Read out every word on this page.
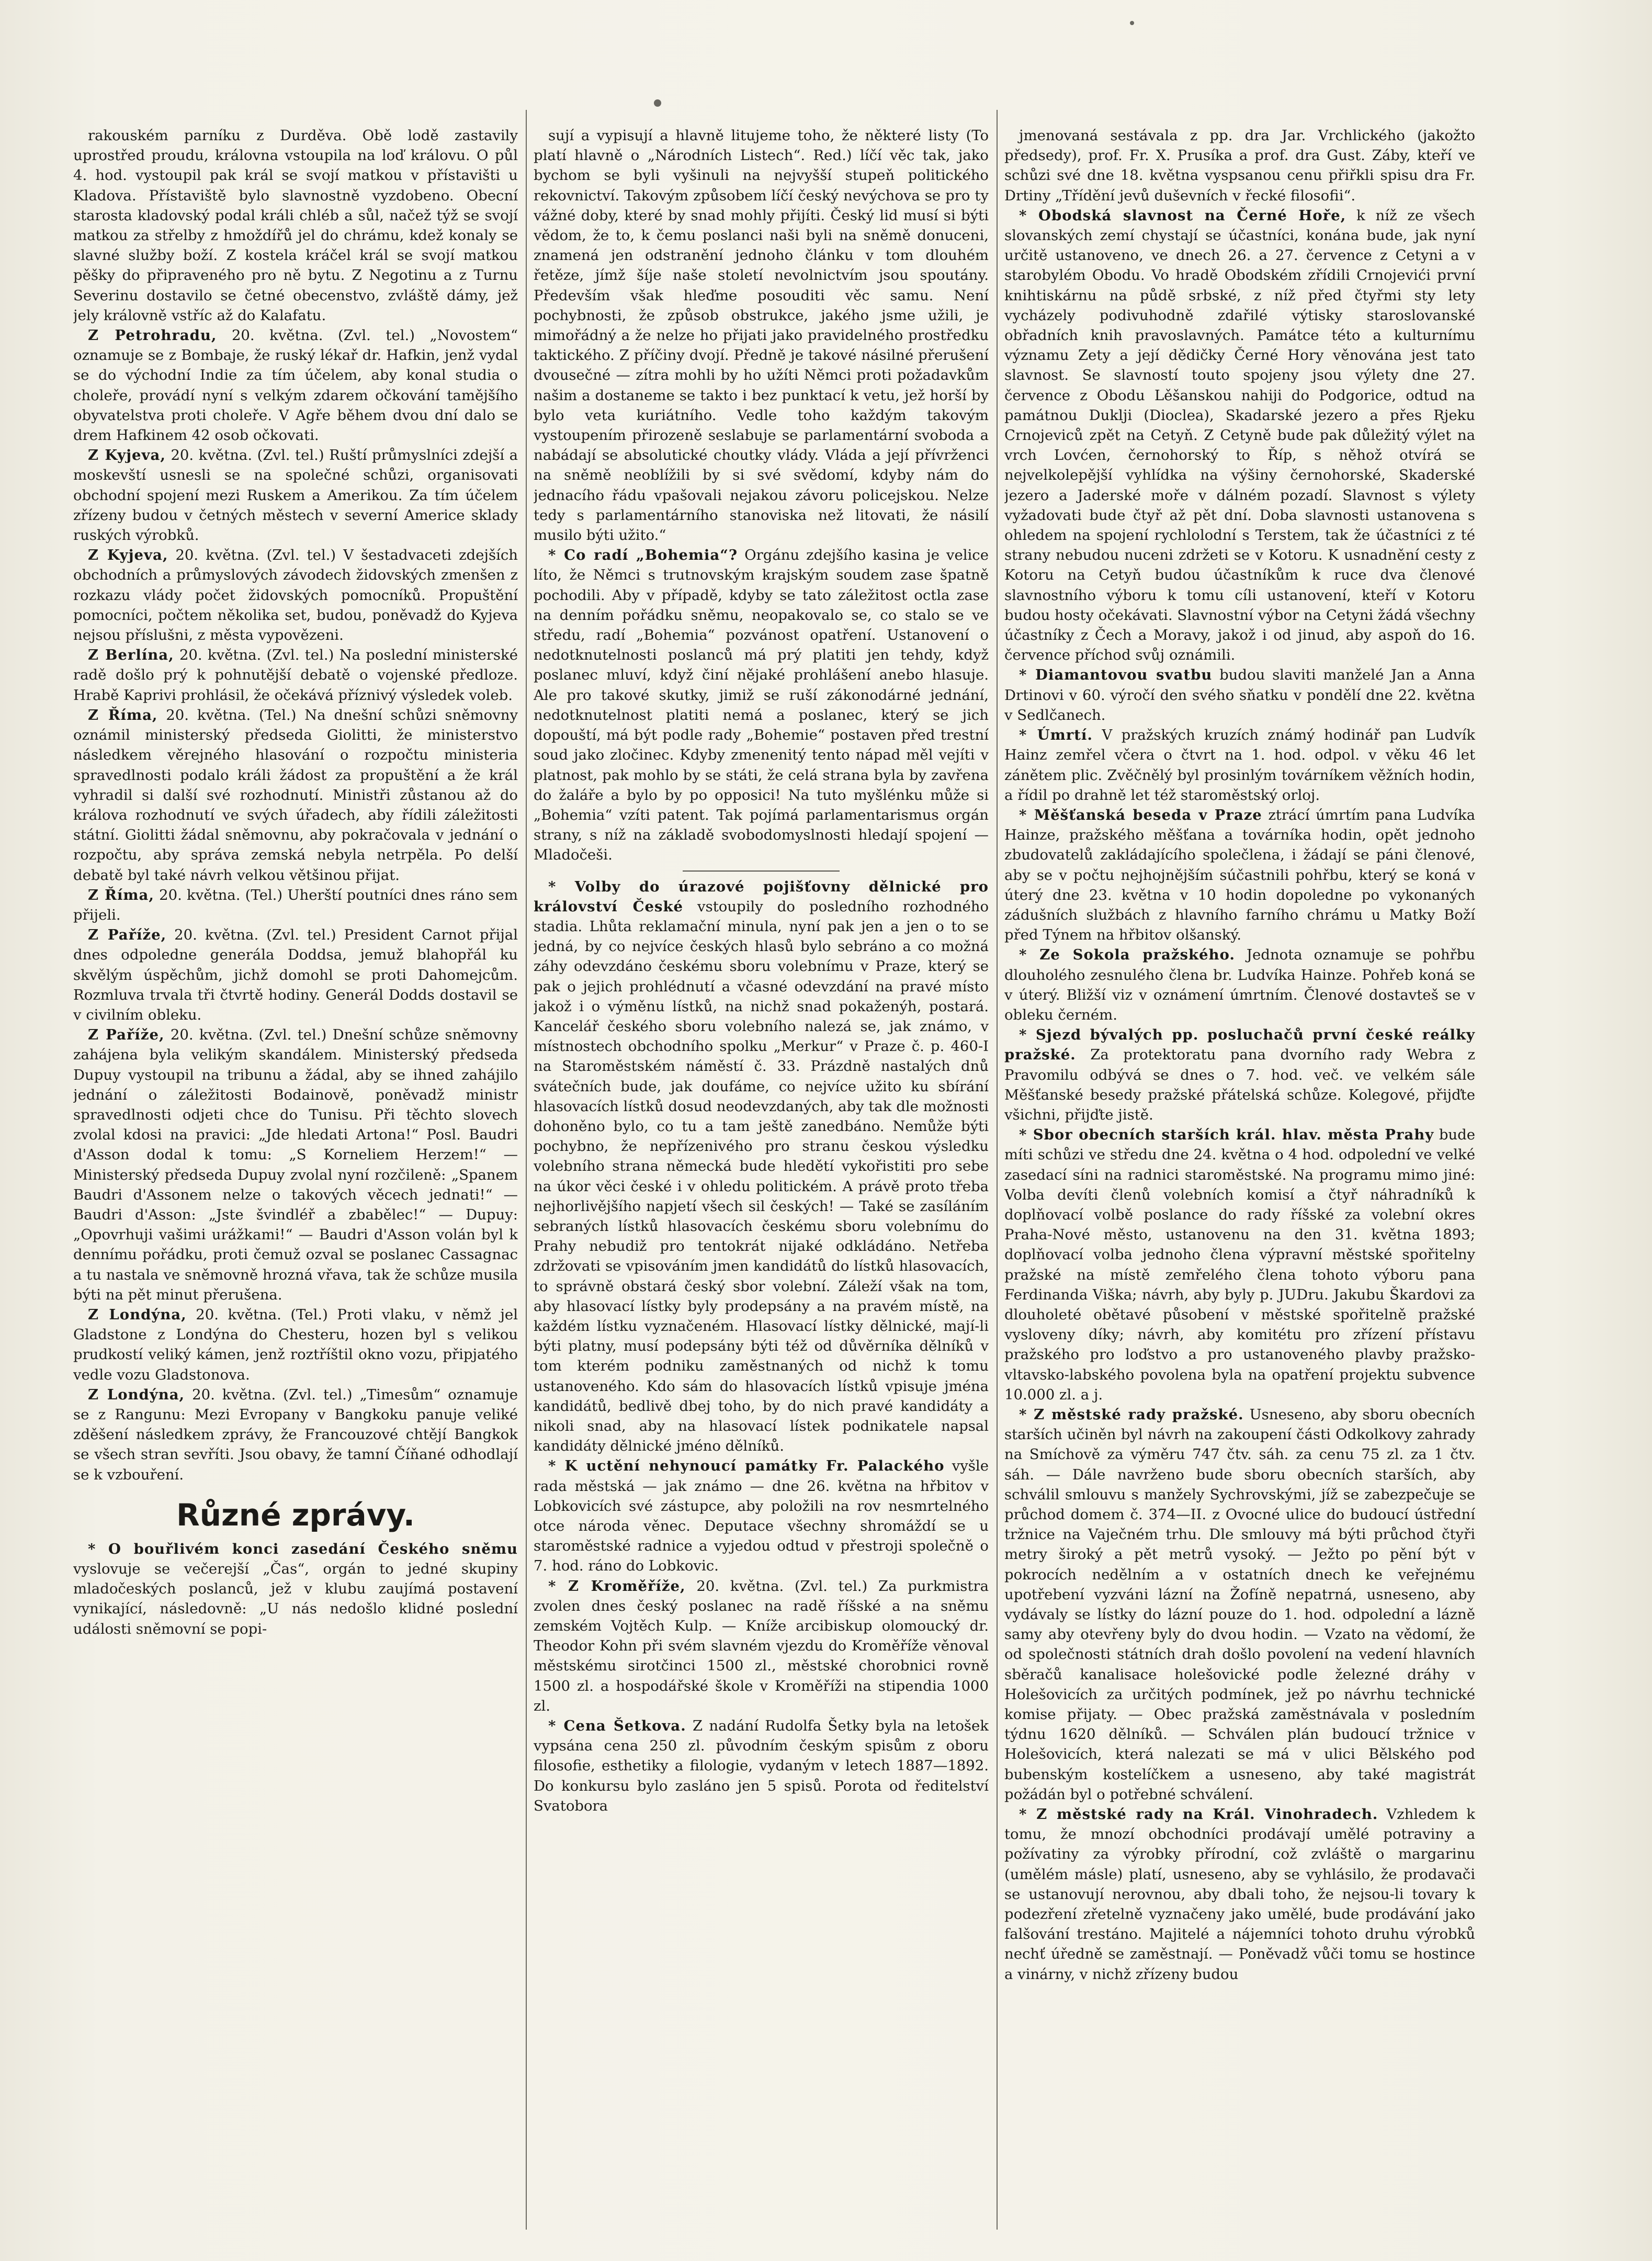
rakouském parníku z Durděva. Obě lodě zastavily uprostřed proudu, královna vstoupila na loď královu. O půl 4. hod. vystoupil pak král se svojí matkou v přístavišti u Kladova. Přístaviště bylo slavnostně vyzdobeno. Obecní starosta kladovský podal králi chléb a sůl, načež týž se svojí matkou za střelby z hmoždířů jel do chrámu, kdež konaly se slavné služby boží. Z kostela kráčel král se svojí matkou pěšky do připraveného pro ně bytu. Z Negotinu a z Turnu Severinu dostavilo se četné obecenstvo, zvláště dámy, jež jely královně vstříc až do Kalafatu.

Z Petrohradu, 20. května. (Zvl. tel.) „Novostem“ oznamuje se z Bombaje, že ruský lékař dr. Hafkin, jenž vydal se do východní Indie za tím účelem, aby konal studia o choleře, provádí nyní s velkým zdarem očkování tamějšího obyvatelstva proti choleře. V Agře během dvou dní dalo se drem Hafkinem 42 osob očkovati.

Z Kyjeva, 20. května. (Zvl. tel.) Ruští průmyslníci zdejší a moskevští usnesli se na společné schůzi, organisovati obchodní spojení mezi Ruskem a Amerikou. Za tím účelem zřízeny budou v četných městech v severní Americe sklady ruských výrobků.

Z Kyjeva, 20. května. (Zvl. tel.) V šestadvaceti zdejších obchodních a průmyslových závodech židovských zmenšen z rozkazu vlády počet židovských pomocníků. Propuštění pomocníci, počtem několika set, budou, poněvadž do Kyjeva nejsou příslušni, z města vypovězeni.

Z Berlína, 20. května. (Zvl. tel.) Na poslední ministerské radě došlo prý k pohnutější debatě o vojenské předloze. Hrabě Kaprivi prohlásil, že očekává příznivý výsledek voleb.

Z Říma, 20. května. (Tel.) Na dnešní schůzi sněmovny oznámil ministerský předseda Giolitti, že ministerstvo následkem věrejného hlasování o rozpočtu ministeria spravedlnosti podalo králi žádost za propuštění a že král vyhradil si další své rozhodnutí. Ministři zůstanou až do králova rozhodnutí ve svých úřadech, aby řídili záležitosti státní. Giolitti žádal sněmovnu, aby pokračovala v jednání o rozpočtu, aby správa zemská nebyla netrpěla. Po delší debatě byl také návrh velkou většinou přijat.

Z Říma, 20. května. (Tel.) Uherští poutníci dnes ráno sem přijeli.

Z Paříže, 20. května. (Zvl. tel.) President Carnot přijal dnes odpoledne generála Doddsa, jemuž blahopřál ku skvělým úspěchům, jichž domohl se proti Dahomejcům. Rozmluva trvala tři čtvrtě hodiny. Generál Dodds dostavil se v civilním obleku.

Z Paříže, 20. května. (Zvl. tel.) Dnešní schůze sněmovny zahájena byla velikým skandálem. Ministerský předseda Dupuy vystoupil na tribunu a žádal, aby se ihned zahájilo jednání o záležitosti Bodainově, poněvadž ministr spravedlnosti odjeti chce do Tunisu. Při těchto slovech zvolal kdosi na pravici: „Jde hledati Artona!“ Posl. Baudri d'Asson dodal k tomu: „S Korneliem Herzem!“ — Ministerský předseda Dupuy zvolal nyní rozčileně: „Spanem Baudri d'Assonem nelze o takových věcech jednati!“ — Baudri d'Asson: „Jste švindléř a zbabělec!“ — Dupuy: „Opovrhuji vašimi urážkami!“ — Baudri d'Asson volán byl k dennímu pořádku, proti čemuž ozval se poslanec Cassagnac a tu nastala ve sněmovně hrozná vřava, tak že schůze musila býti na pět minut přerušena.

Z Londýna, 20. května. (Tel.) Proti vlaku, v němž jel Gladstone z Londýna do Chesteru, hozen byl s velikou prudkostí veliký kámen, jenž roztříštil okno vozu, připjatého vedle vozu Gladstonova.

Z Londýna, 20. května. (Zvl. tel.) „Timesům“ oznamuje se z Rangunu: Mezi Evropany v Bangkoku panuje veliké zděšení následkem zprávy, že Francouzové chtějí Bangkok se všech stran sevříti. Jsou obavy, že tamní Číňané odhodlají se k vzbouření.

Různé zprávy.

* O bouřlivém konci zasedání Českého sněmu vyslovuje se večerejší „Čas“, orgán to jedné skupiny mladočeských poslanců, jež v klubu zaujímá postavení vynikající, následovně: „U nás nedošlo klidné poslední události sněmovní se popi-

sují a vypisují a hlavně litujeme toho, že některé listy (To platí hlavně o „Národních Listech“. Red.) líčí věc tak, jako bychom se byli vyšinuli na nejvyšší stupeň politického rekovnictví. Takovým způsobem líčí český nevýchova se pro ty vážné doby, které by snad mohly přijíti. Český lid musí si býti vědom, že to, k čemu poslanci naši byli na sněmě donuceni, znamená jen odstranění jednoho článku v tom dlouhém řetěze, jímž šíje naše století nevolnictvím jsou spoutány. Především však hleďme posouditi věc samu. Není pochybnosti, že způsob obstrukce, jakého jsme užili, je mimořádný a že nelze ho přijati jako pravidelného prostředku taktického. Z příčiny dvojí. Předně je takové násilné přerušení dvousečné — zítra mohli by ho užíti Němci proti požadavkům našim a dostaneme se takto i bez punktací k vetu, jež horší by bylo veta kuriátního. Vedle toho každým takovým vystoupením přirozeně seslabuje se parlamentární svoboda a nabádají se absolutické choutky vlády. Vláda a její přívrženci na sněmě neoblížili by si své svědomí, kdyby nám do jednacího řádu vpašovali nejakou závoru policejskou. Nelze tedy s parlamentárního stanoviska než litovati, že násilí musilo býti užito.“

* Co radí „Bohemia“? Orgánu zdejšího kasina je velice líto, že Němci s trutnovským krajským soudem zase špatně pochodili. Aby v případě, kdyby se tato záležitost octla zase na denním pořádku sněmu, neopakovalo se, co stalo se ve středu, radí „Bohemia“ pozvánost opatření. Ustanovení o nedotknutelnosti poslanců má prý platiti jen tehdy, když poslanec mluví, když činí nějaké prohlášení anebo hlasuje. Ale pro takové skutky, jimiž se ruší zákonodárné jednání, nedotknutelnost platiti nemá a poslanec, který se jich dopouští, má být podle rady „Bohemie“ postaven před trestní soud jako zločinec. Kdyby zmenenitý tento nápad měl vejíti v platnost, pak mohlo by se státi, že celá strana byla by zavřena do žaláře a bylo by po opposici! Na tuto myšlénku může si „Bohemia“ vzíti patent. Tak pojímá parlamentarismus orgán strany, s níž na základě svobodomyslnosti hledají spojení — Mladočeši.

* Volby do úrazové pojišťovny dělnické pro království České vstoupily do posledního rozhodného stadia. Lhůta reklamační minula, nyní pak jen a jen o to se jedná, by co nejvíce českých hlasů bylo sebráno a co možná záhy odevzdáno českému sboru volebnímu v Praze, který se pak o jejich prohlédnutí a včasné odevzdání na pravé místo jakož i o výměnu lístků, na nichž snad pokaženýh, postará. Kancelář českého sboru volebního nalezá se, jak známo, v místnostech obchodního spolku „Merkur“ v Praze č. p. 460-I na Staroměstském náměstí č. 33. Prázdně nastalých dnů svátečních bude, jak doufáme, co nejvíce užito ku sbírání hlasovacích lístků dosud neodevzdaných, aby tak dle možnosti dohoněno bylo, co tu a tam ještě zanedbáno. Nemůže býti pochybno, že nepřízenivého pro stranu českou výsledku volebního strana německá bude hledětí vykořistiti pro sebe na úkor věci české i v ohledu politickém. A právě proto třeba nejhorlivějšího napjetí všech sil českých! — Také se zasíláním sebraných lístků hlasovacích českému sboru volebnímu do Prahy nebudiž pro tentokrát nijaké odkládáno. Netřeba zdržovati se vpisováním jmen kandidátů do lístků hlasovacích, to správně obstará český sbor volební. Záleží však na tom, aby hlasovací lístky byly prodepsány a na pravém místě, na každém lístku vyznačeném. Hlasovací lístky dělnické, mají-li býti platny, musí podepsány býti též od důvěrníka dělníků v tom kterém podniku zaměstnaných od nichž k tomu ustanoveného. Kdo sám do hlasovacích lístků vpisuje jména kandidátů, bedlivě dbej toho, by do nich pravé kandidáty a nikoli snad, aby na hlasovací lístek podnikatele napsal kandidáty dělnické jméno dělníků.

* K uctění nehynoucí památky Fr. Palackého vyšle rada městská — jak známo — dne 26. května na hřbitov v Lobkovicích své zástupce, aby položili na rov nesmrtelného otce národa věnec. Deputace všechny shromáždí se u staroměstské radnice a vyjedou odtud v přestroji společně o 7. hod. ráno do Lobkovic.

* Z Kroměříže, 20. května. (Zvl. tel.) Za purkmistra zvolen dnes český poslanec na radě říšské a na sněmu zemském Vojtěch Kulp. — Kníže arcibiskup olomoucký dr. Theodor Kohn při svém slavném vjezdu do Kroměříže věnoval městskému sirotčinci 1500 zl., městské chorobnici rovně 1500 zl. a hospodářské škole v Kroměříži na stipendia 1000 zl.

* Cena Šetkova. Z nadání Rudolfa Šetky byla na letošek vypsána cena 250 zl. původním českým spisům z oboru filosofie, esthetiky a filologie, vydaným v letech 1887—1892. Do konkursu bylo zasláno jen 5 spisů. Porota od ředitelství Svatobora

jmenovaná sestávala z pp. dra Jar. Vrchlického (jakožto předsedy), prof. Fr. X. Prusíka a prof. dra Gust. Záby, kteří ve schůzi své dne 18. května vyspsanou cenu přiřkli spisu dra Fr. Drtiny „Třídění jevů duševních v řecké filosofii“.

* Obodská slavnost na Černé Hoře, k níž ze všech slovanských zemí chystají se účastníci, konána bude, jak nyní určitě ustanoveno, ve dnech 26. a 27. července z Cetyni a v starobylém Obodu. Vo hradě Obodském zřídili Crnojevići první knihtiskárnu na půdě srbské, z níž před čtyřmi sty lety vycházely podivuhodně zdařilé výtisky staroslovanské obřadních knih pravoslavných. Památce této a kulturnímu významu Zety a její dědičky Černé Hory věnována jest tato slavnost. Se slavností touto spojeny jsou výlety dne 27. července z Obodu Lěšanskou nahiji do Podgorice, odtud na památnou Duklji (Dioclea), Skadarské jezero a přes Rjeku Crnojeviců zpět na Cetyň. Z Cetyně bude pak důležitý výlet na vrch Lovćen, černohorský to Říp, s něhož otvírá se nejvelkolepější vyhlídka na výšiny černohorské, Skaderské jezero a Jaderské moře v dálném pozadí. Slavnost s výlety vyžadovati bude čtyř až pět dní. Doba slavnosti ustanovena s ohledem na spojení rychlolodní s Terstem, tak že účastníci z té strany nebudou nuceni zdržeti se v Kotoru. K usnadnění cesty z Kotoru na Cetyň budou účastníkům k ruce dva členové slavnostního výboru k tomu cíli ustanovení, kteří v Kotoru budou hosty očekávati. Slavnostní výbor na Cetyni žádá všechny účastníky z Čech a Moravy, jakož i od jinud, aby aspoň do 16. července příchod svůj oznámili.

* Diamantovou svatbu budou slaviti manželé Jan a Anna Drtinovi v 60. výročí den svého sňatku v pondělí dne 22. května v Sedlčanech.

* Úmrtí. V pražských kruzích známý hodinář pan Ludvík Hainz zemřel včera o čtvrt na 1. hod. odpol. v věku 46 let zánětem plic. Zvěčnělý byl prosinlým továrníkem věžních hodin, a řídil po drahně let též staroměstský orloj.

* Měšťanská beseda v Praze ztrácí úmrtím pana Ludvíka Hainze, pražského měšťana a továrníka hodin, opět jednoho zbudovatelů zakládajícího společlena, i žádají se páni členové, aby se v počtu nejhojnějším súčastnili pohřbu, který se koná v úterý dne 23. května v 10 hodin dopoledne po vykonaných zádušních službách z hlavního farního chrámu u Matky Boží před Týnem na hřbitov olšanský.

* Ze Sokola pražského. Jednota oznamuje se pohřbu dlouholého zesnulého člena br. Ludvíka Hainze. Pohřeb koná se v úterý. Bližší viz v oznámení úmrtním. Členové dostavteš se v obleku černém.

* Sjezd bývalých pp. posluchačů první české reálky pražské. Za protektoratu pana dvorního rady Webra z Pravomilu odbývá se dnes o 7. hod. več. ve velkém sále Měšťanské besedy pražské přátelská schůze. Kolegové, přijďte všichni, přijďte jistě.

* Sbor obecních starších král. hlav. města Prahy bude míti schůzi ve středu dne 24. května o 4 hod. odpolední ve velké zasedací síni na radnici staroměstské. Na programu mimo jiné: Volba devíti členů volebních komisí a čtyř náhradníků k doplňovací volbě poslance do rady říšské za volební okres Praha-Nové město, ustanovenu na den 31. května 1893; doplňovací volba jednoho člena výpravní městské spořitelny pražské na místě zemřelého člena tohoto výboru pana Ferdinanda Viška; návrh, aby byly p. JUDru. Jakubu Škardovi za dlouholeté obětavé působení v městské spořitelně pražské vysloveny díky; návrh, aby komitétu pro zřízení přístavu pražského pro loďstvo a pro ustanoveného plavby pražsko-vltavsko-labského povolena byla na opatření projektu subvence 10.000 zl. a j.

* Z městské rady pražské. Usneseno, aby sboru obecních starších učiněn byl návrh na zakoupení části Odkolkovy zahrady na Smíchově za výměru 747 čtv. sáh. za cenu 75 zl. za 1 čtv. sáh. — Dále navrženo bude sboru obecních starších, aby schválil smlouvu s manžely Sychrovskými, jíž se zabezpečuje se průchod domem č. 374—II. z Ovocné ulice do budoucí ústřední tržnice na Vaječném trhu. Dle smlouvy má býti průchod čtyři metry široký a pět metrů vysoký. — Ježto po pění být v pokrocích nedělním a v ostatních dnech ke veřejnému upotřebení vyzváni lázní na Žofíně nepatrná, usneseno, aby vydávaly se lístky do lázní pouze do 1. hod. odpolední a lázně samy aby otevřeny byly do dvou hodin. — Vzato na vědomí, že od společnosti státních drah došlo povolení na vedení hlavních sběračů kanalisace holešovické podle železné dráhy v Holešovicích za určitých podmínek, jež po návrhu technické komise přijaty. — Obec pražská zaměstnávala v posledním týdnu 1620 dělníků. — Schválen plán budoucí tržnice v Holešovicích, která nalezati se má v ulici Bělského pod bubenským kostelíčkem a usneseno, aby také magistrát požádán byl o potřebné schválení.

* Z městské rady na Král. Vinohradech. Vzhledem k tomu, že mnozí obchodníci prodávají umělé potraviny a požívatiny za výrobky přírodní, což zvláště o margarinu (umělém másle) platí, usneseno, aby se vyhlásilo, že prodavači se ustanovují nerovnou, aby dbali toho, že nejsou-li tovary k podezření zřetelně vyznačeny jako umělé, bude prodávání jako falšování trestáno. Majitelé a nájemníci tohoto druhu výrobků nechť úředně se zaměstnají. — Poněvadž vůči tomu se hostince a vinárny, v nichž zřízeny budou
